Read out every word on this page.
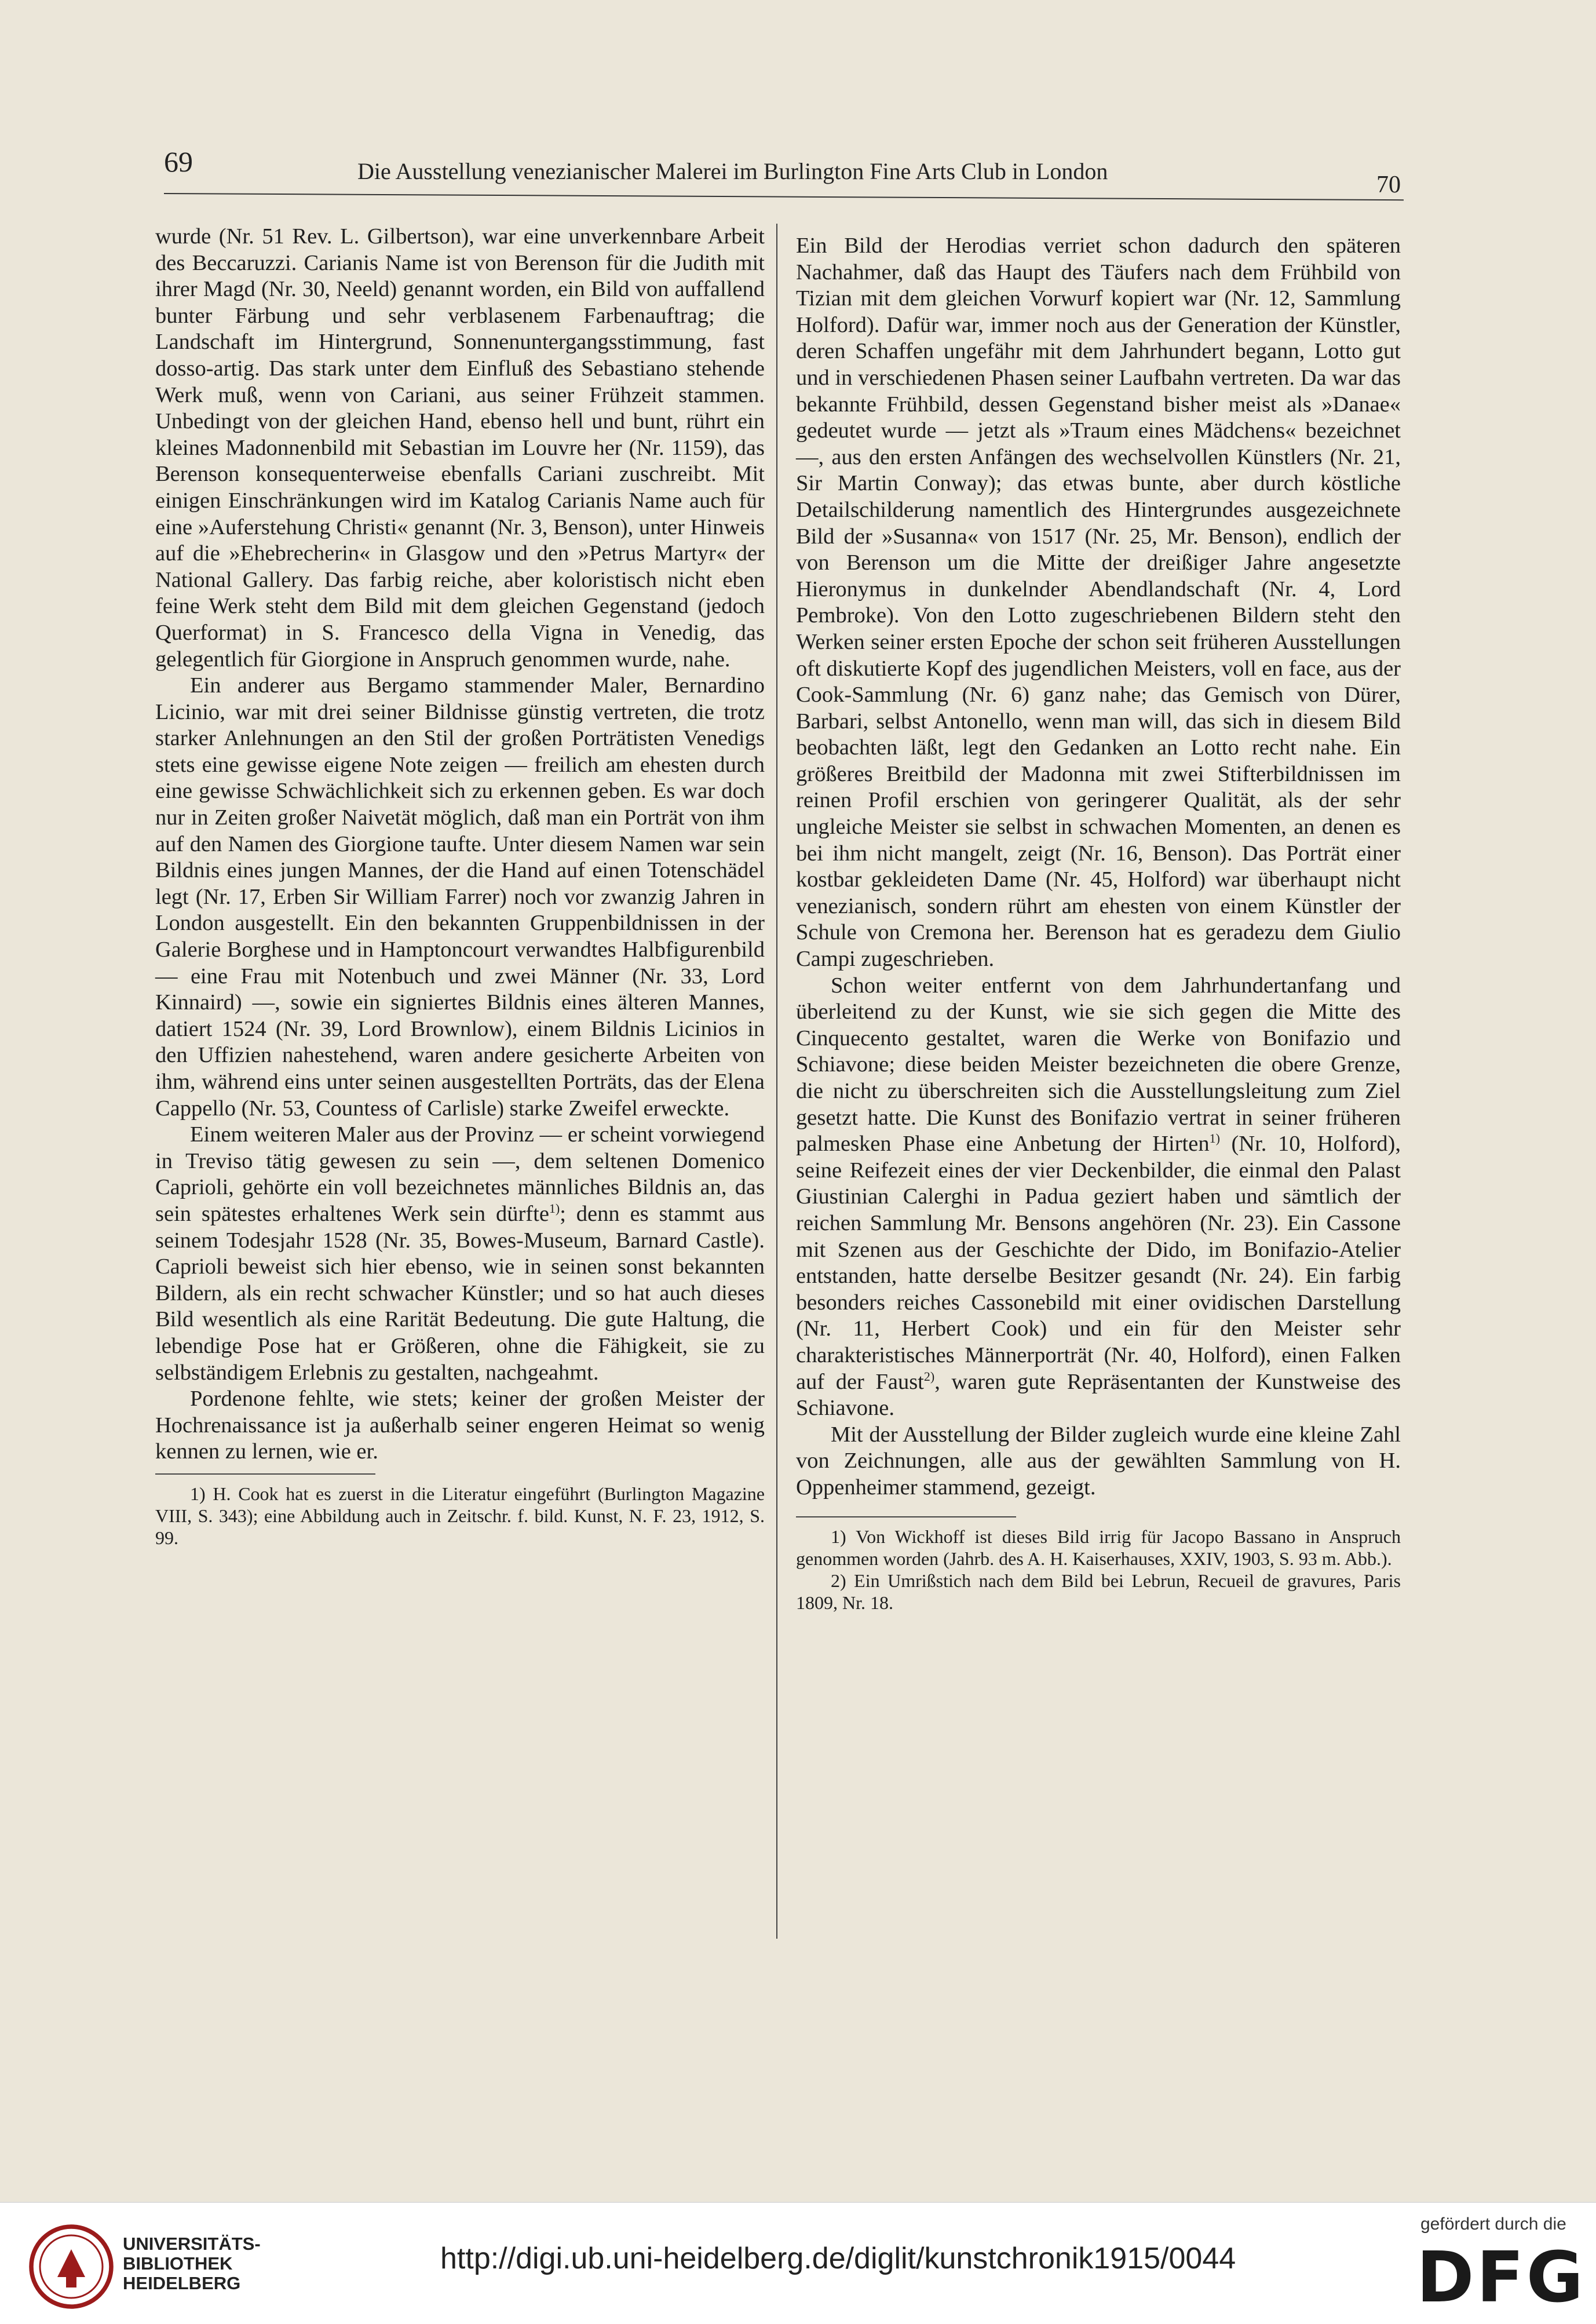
69	Die Ausstellung venezianischer Malerei im Burlington Fine Arts Club in London
70

wurde (Nr. 51 Rev. L. Gilbertson), war eine unverkennbare Arbeit des Beccaruzzi. Carianis Name ist von Berenson für die Judith mit ihrer Magd (Nr. 30, Neeld) genannt worden, ein Bild von auffallend bunter Färbung und sehr verblasenem Farbenauftrag; die Landschaft im Hintergrund, Sonnenuntergangsstimmung, fast dosso-artig. Das stark unter dem Einfluß des Sebastiano stehende Werk muß, wenn von Cariani, aus seiner Frühzeit stammen. Unbedingt von der gleichen Hand, ebenso hell und bunt, rührt ein kleines Madonnenbild mit Sebastian im Louvre her (Nr. 1159), das Berenson konsequenterweise ebenfalls Cariani zuschreibt. Mit einigen Einschränkungen wird im Katalog Carianis Name auch für eine »Auferstehung Christi« genannt (Nr. 3, Benson), unter Hinweis auf die »Ehebrecherin« in Glasgow und den »Petrus Martyr« der National Gallery. Das farbig reiche, aber koloristisch nicht eben feine Werk steht dem Bild mit dem gleichen Gegenstand (jedoch Querformat) in S. Francesco della Vigna in Venedig, das gelegentlich für Giorgione in Anspruch genommen wurde, nahe.

Ein anderer aus Bergamo stammender Maler, Bernardino Licinio, war mit drei seiner Bildnisse günstig vertreten, die trotz starker Anlehnungen an den Stil der großen Porträtisten Venedigs stets eine gewisse eigene Note zeigen — freilich am ehesten durch eine gewisse Schwächlichkeit sich zu erkennen geben. Es war doch nur in Zeiten großer Naivetät möglich, daß man ein Porträt von ihm auf den Namen des Giorgione taufte. Unter diesem Namen war sein Bildnis eines jungen Mannes, der die Hand auf einen Totenschädel legt (Nr. 17, Erben Sir William Farrer) noch vor zwanzig Jahren in London ausgestellt. Ein den bekannten Gruppenbildnissen in der Galerie Borghese und in Hamptoncourt verwandtes Halbfigurenbild — eine Frau mit Notenbuch und zwei Männer (Nr. 33, Lord Kinnaird) —, sowie ein signiertes Bildnis eines älteren Mannes, datiert 1524 (Nr. 39, Lord Brownlow), einem Bildnis Licinios in den Uffizien nahestehend, waren andere gesicherte Arbeiten von ihm, während eins unter seinen ausgestellten Porträts, das der Elena Cappello (Nr. 53, Countess of Carlisle) starke Zweifel erweckte.

Einem weiteren Maler aus der Provinz — er scheint vorwiegend in Treviso tätig gewesen zu sein —, dem seltenen Domenico Caprioli, gehörte ein voll bezeichnetes männliches Bildnis an, das sein spätestes erhaltenes Werk sein dürfte$^{1)}$; denn es stammt aus seinem Todesjahr 1528 (Nr. 35, Bowes-Museum, Barnard Castle). Caprioli beweist sich hier ebenso, wie in seinen sonst bekannten Bildern, als ein recht schwacher Künstler; und so hat auch dieses Bild wesentlich als eine Rarität Bedeutung. Die gute Haltung, die lebendige Pose hat er Größeren, ohne die Fähigkeit, sie zu selbständigem Erlebnis zu gestalten, nachgeahmt.

Pordenone fehlte, wie stets; keiner der großen Meister der Hochrenaissance ist ja außerhalb seiner engeren Heimat so wenig kennen zu lernen, wie er.

1) H. Cook hat es zuerst in die Literatur eingeführt (Burlington Magazine VIII, S. 343); eine Abbildung auch in Zeitschr. f. bild. Kunst, N. F. 23, 1912, S. 99.

Ein Bild der Herodias verriet schon dadurch den späteren Nachahmer, daß das Haupt des Täufers nach dem Frühbild von Tizian mit dem gleichen Vorwurf kopiert war (Nr. 12, Sammlung Holford). Dafür war, immer noch aus der Generation der Künstler, deren Schaffen ungefähr mit dem Jahrhundert begann, Lotto gut und in verschiedenen Phasen seiner Laufbahn vertreten. Da war das bekannte Frühbild, dessen Gegenstand bisher meist als »Danae« gedeutet wurde — jetzt als »Traum eines Mädchens« bezeichnet —, aus den ersten Anfängen des wechselvollen Künstlers (Nr. 21, Sir Martin Conway); das etwas bunte, aber durch köstliche Detailschilderung namentlich des Hintergrundes ausgezeichnete Bild der »Susanna« von 1517 (Nr. 25, Mr. Benson), endlich der von Berenson um die Mitte der dreißiger Jahre angesetzte Hieronymus in dunkelnder Abendlandschaft (Nr. 4, Lord Pembroke). Von den Lotto zugeschriebenen Bildern steht den Werken seiner ersten Epoche der schon seit früheren Ausstellungen oft diskutierte Kopf des jugendlichen Meisters, voll en face, aus der Cook-Sammlung (Nr. 6) ganz nahe; das Gemisch von Dürer, Barbari, selbst Antonello, wenn man will, das sich in diesem Bild beobachten läßt, legt den Gedanken an Lotto recht nahe. Ein größeres Breitbild der Madonna mit zwei Stifterbildnissen im reinen Profil erschien von geringerer Qualität, als der sehr ungleiche Meister sie selbst in schwachen Momenten, an denen es bei ihm nicht mangelt, zeigt (Nr. 16, Benson). Das Porträt einer kostbar gekleideten Dame (Nr. 45, Holford) war überhaupt nicht venezianisch, sondern rührt am ehesten von einem Künstler der Schule von Cremona her. Berenson hat es geradezu dem Giulio Campi zugeschrieben.

Schon weiter entfernt von dem Jahrhundertanfang und überleitend zu der Kunst, wie sie sich gegen die Mitte des Cinquecento gestaltet, waren die Werke von Bonifazio und Schiavone; diese beiden Meister bezeichneten die obere Grenze, die nicht zu überschreiten sich die Ausstellungsleitung zum Ziel gesetzt hatte. Die Kunst des Bonifazio vertrat in seiner früheren palmesken Phase eine Anbetung der Hirten$^{1)}$ (Nr. 10, Holford), seine Reifezeit eines der vier Deckenbilder, die einmal den Palast Giustinian Calerghi in Padua geziert haben und sämtlich der reichen Sammlung Mr. Bensons angehören (Nr. 23). Ein Cassone mit Szenen aus der Geschichte der Dido, im Bonifazio-Atelier entstanden, hatte derselbe Besitzer gesandt (Nr. 24). Ein farbig besonders reiches Cassonebild mit einer ovidischen Darstellung (Nr. 11, Herbert Cook) und ein für den Meister sehr charakteristisches Männerporträt (Nr. 40, Holford), einen Falken auf der Faust$^{2)}$, waren gute Repräsentanten der Kunstweise des Schiavone.

Mit der Ausstellung der Bilder zugleich wurde eine kleine Zahl von Zeichnungen, alle aus der gewählten Sammlung von H. Oppenheimer stammend, gezeigt.

1) Von Wickhoff ist dieses Bild irrig für Jacopo Bassano in Anspruch genommen worden (Jahrb. des A. H. Kaiserhauses, XXIV, 1903, S. 93 m. Abb.).

2) Ein Umrißstich nach dem Bild bei Lebrun, Recueil de gravures, Paris 1809, Nr. 18.

UNIVERSITÄTS-
BIBLIOTHEK
HEIDELBERG
http://digi.ub.uni-heidelberg.de/diglit/kunstchronik1915/0044
gefördert durch die
DFG
